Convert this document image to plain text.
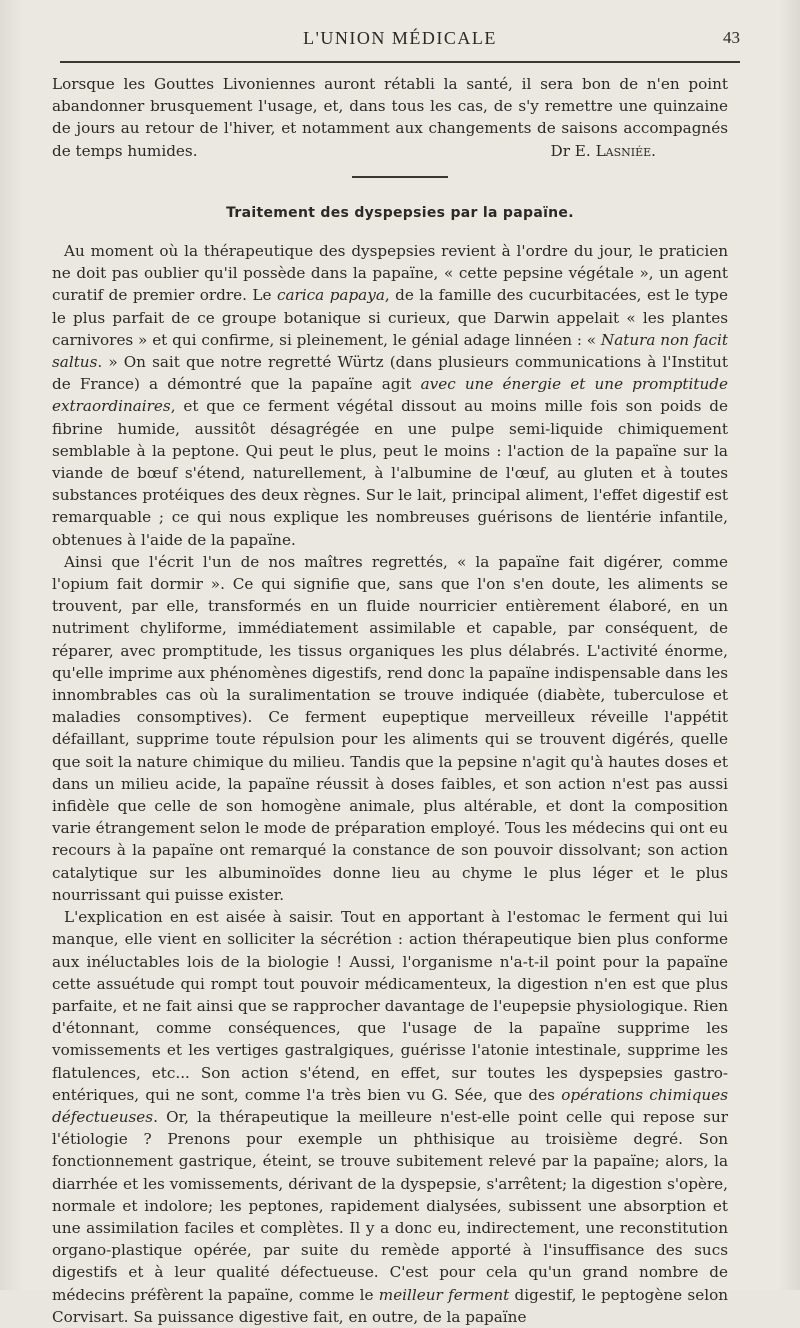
L'UNION MÉDICALE	43

Lorsque les Gouttes Livoniennes auront rétabli la santé, il sera bon de n'en point abandonner brusquement l'usage, et, dans tous les cas, de s'y remettre une quinzaine de jours au retour de l'hiver, et notamment aux changements de saisons accompagnés de temps humides.	Dr E. Lasniée.
Traitement des dyspepsies par la papaïne.

Au moment où la thérapeutique des dyspepsies revient à l'ordre du jour, le praticien ne doit pas oublier qu'il possède dans la papaïne, « cette pepsine végétale », un agent curatif de premier ordre. Le carica papaya, de la famille des cucurbitacées, est le type le plus parfait de ce groupe botanique si curieux, que Darwin appelait « les plantes carnivores » et qui confirme, si pleinement, le génial adage linnéen : « Natura non facit saltus. » On sait que notre regretté Würtz (dans plusieurs communications à l'Institut de France) a démontré que la papaïne agit avec une énergie et une promptitude extraordinaires, et que ce ferment végétal dissout au moins mille fois son poids de fibrine humide, aussitôt désagrégée en une pulpe semi-liquide chimiquement semblable à la peptone. Qui peut le plus, peut le moins : l'action de la papaïne sur la viande de bœuf s'étend, naturellement, à l'albumine de l'œuf, au gluten et à toutes substances protéiques des deux règnes. Sur le lait, principal aliment, l'effet digestif est remarquable ; ce qui nous explique les nombreuses guérisons de lientérie infantile, obtenues à l'aide de la papaïne.

Ainsi que l'écrit l'un de nos maîtres regrettés, « la papaïne fait digérer, comme l'opium fait dormir ». Ce qui signifie que, sans que l'on s'en doute, les aliments se trouvent, par elle, transformés en un fluide nourricier entièrement élaboré, en un nutriment chyliforme, immédiatement assimilable et capable, par conséquent, de réparer, avec promptitude, les tissus organiques les plus délabrés. L'activité énorme, qu'elle imprime aux phénomènes digestifs, rend donc la papaïne indispensable dans les innombrables cas où la suralimentation se trouve indiquée (diabète, tuberculose et maladies consomptives). Ce ferment eupeptique merveilleux réveille l'appétit défaillant, supprime toute répulsion pour les aliments qui se trouvent digérés, quelle que soit la nature chimique du milieu. Tandis que la pepsine n'agit qu'à hautes doses et dans un milieu acide, la papaïne réussit à doses faibles, et son action n'est pas aussi infidèle que celle de son homogène animale, plus altérable, et dont la composition varie étrangement selon le mode de préparation employé. Tous les médecins qui ont eu recours à la papaïne ont remarqué la constance de son pouvoir dissolvant; son action catalytique sur les albuminoïdes donne lieu au chyme le plus léger et le plus nourrissant qui puisse exister.

L'explication en est aisée à saisir. Tout en apportant à l'estomac le ferment qui lui manque, elle vient en solliciter la sécrétion : action thérapeutique bien plus conforme aux inéluctables lois de la biologie ! Aussi, l'organisme n'a-t-il point pour la papaïne cette assuétude qui rompt tout pouvoir médicamenteux, la digestion n'en est que plus parfaite, et ne fait ainsi que se rapprocher davantage de l'eupepsie physiologique. Rien d'étonnant, comme conséquences, que l'usage de la papaïne supprime les vomissements et les vertiges gastralgiques, guérisse l'atonie intestinale, supprime les flatulences, etc... Son action s'étend, en effet, sur toutes les dyspepsies gastro-entériques, qui ne sont, comme l'a très bien vu G. Sée, que des opérations chimiques défectueuses. Or, la thérapeutique la meilleure n'est-elle point celle qui repose sur l'étiologie ? Prenons pour exemple un phthisique au troisième degré. Son fonctionnement gastrique, éteint, se trouve subitement relevé par la papaïne; alors, la diarrhée et les vomissements, dérivant de la dyspepsie, s'arrêtent; la digestion s'opère, normale et indolore; les peptones, rapidement dialysées, subissent une absorption et une assimilation faciles et complètes. Il y a donc eu, indirectement, une reconstitution organo-plastique opérée, par suite du remède apporté à l'insuffisance des sucs digestifs et à leur qualité défectueuse. C'est pour cela qu'un grand nombre de médecins préfèrent la papaïne, comme le meilleur ferment digestif, le peptogène selon Corvisart. Sa puissance digestive fait, en outre, de la papaïne
